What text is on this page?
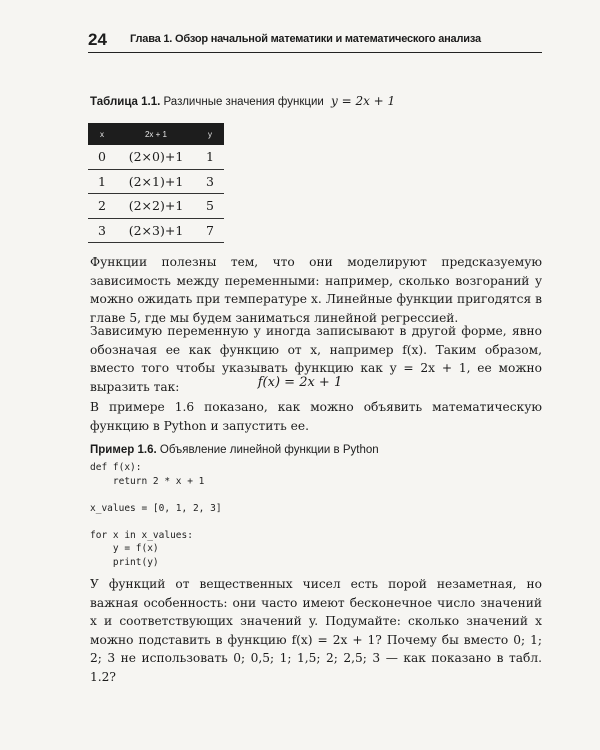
24 Глава 1. Обзор начальной математики и математического анализа
Таблица 1.1. Различные значения функции y = 2x + 1
x	2x + 1	y
0	(2×0)+1	1
1	(2×1)+1	3
2	(2×2)+1	5
3	(2×3)+1	7
Функции полезны тем, что они моделируют предсказуемую зависимость между переменными: например, сколько возгораний y можно ожидать при температуре x. Линейные функции пригодятся в главе 5, где мы будем заниматься линейной регрессией.
Зависимую переменную y иногда записывают в другой форме, явно обозначая ее как функцию от x, например f(x). Таким образом, вместо того чтобы указывать функцию как y = 2x + 1, ее можно выразить так:	f(x) = 2x + 1
В примере 1.6 показано, как можно объявить математическую функцию в Python и запустить ее.
Пример 1.6. Объявление линейной функции в Python
def f(x):
return 2 * x + 1

x_values = [0, 1, 2, 3]

for x in x_values:
y = f(x)
print(y)
У функций от вещественных чисел есть порой незаметная, но важная особенность: они часто имеют бесконечное число значений x и соответствующих значений y. Подумайте: сколько значений x можно подставить в функцию f(x) = 2x + 1? Почему бы вместо 0; 1; 2; 3 не использовать 0; 0,5; 1; 1,5; 2; 2,5; 3 — как показано в табл. 1.2?
